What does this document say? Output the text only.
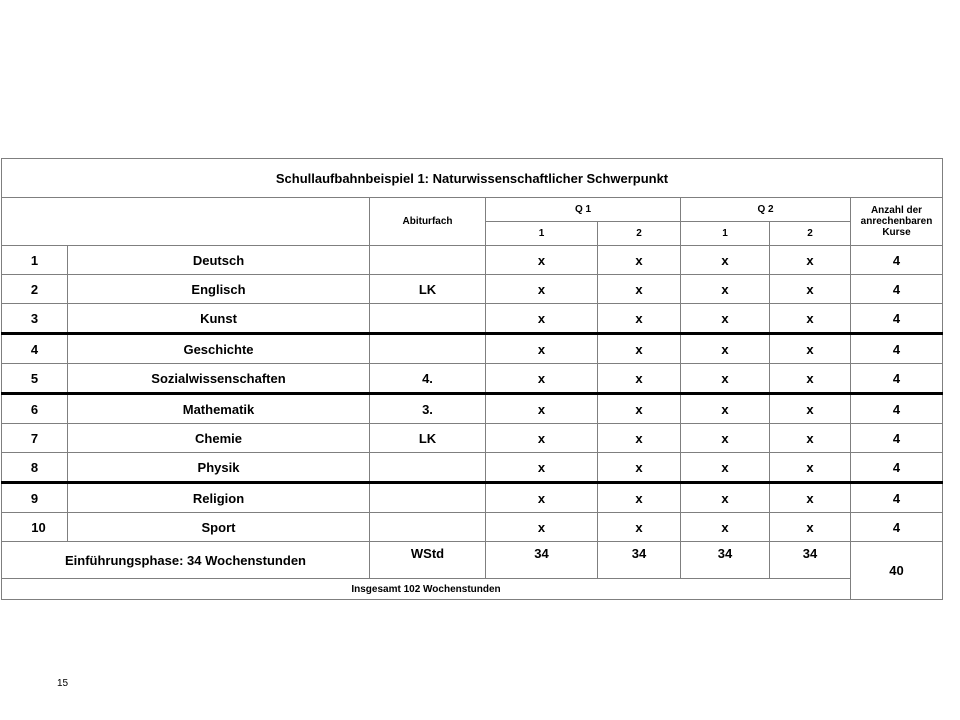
Schullaufbahnbeispiel 1: Naturwissenschaftlicher Schwerpunkt							
		Abiturfach	Q 1		Q 2		Anzahl der anrechenbaren Kurse
			1	2	1	2	
1	Deutsch		x	x	x	x	4
2	Englisch	LK	x	x	x	x	4
3	Kunst		x	x	x	x	4
4	Geschichte		x	x	x	x	4
5	Sozialwissenschaften	4.	x	x	x	x	4
6	Mathematik	3.	x	x	x	x	4
7	Chemie	LK	x	x	x	x	4
8	Physik		x	x	x	x	4
9	Religion		x	x	x	x	4
10	Sport		x	x	x	x	4
Einführungsphase: 34 Wochenstunden		WStd	34	34	34	34	40
Insgesamt 102 Wochenstunden							
15
